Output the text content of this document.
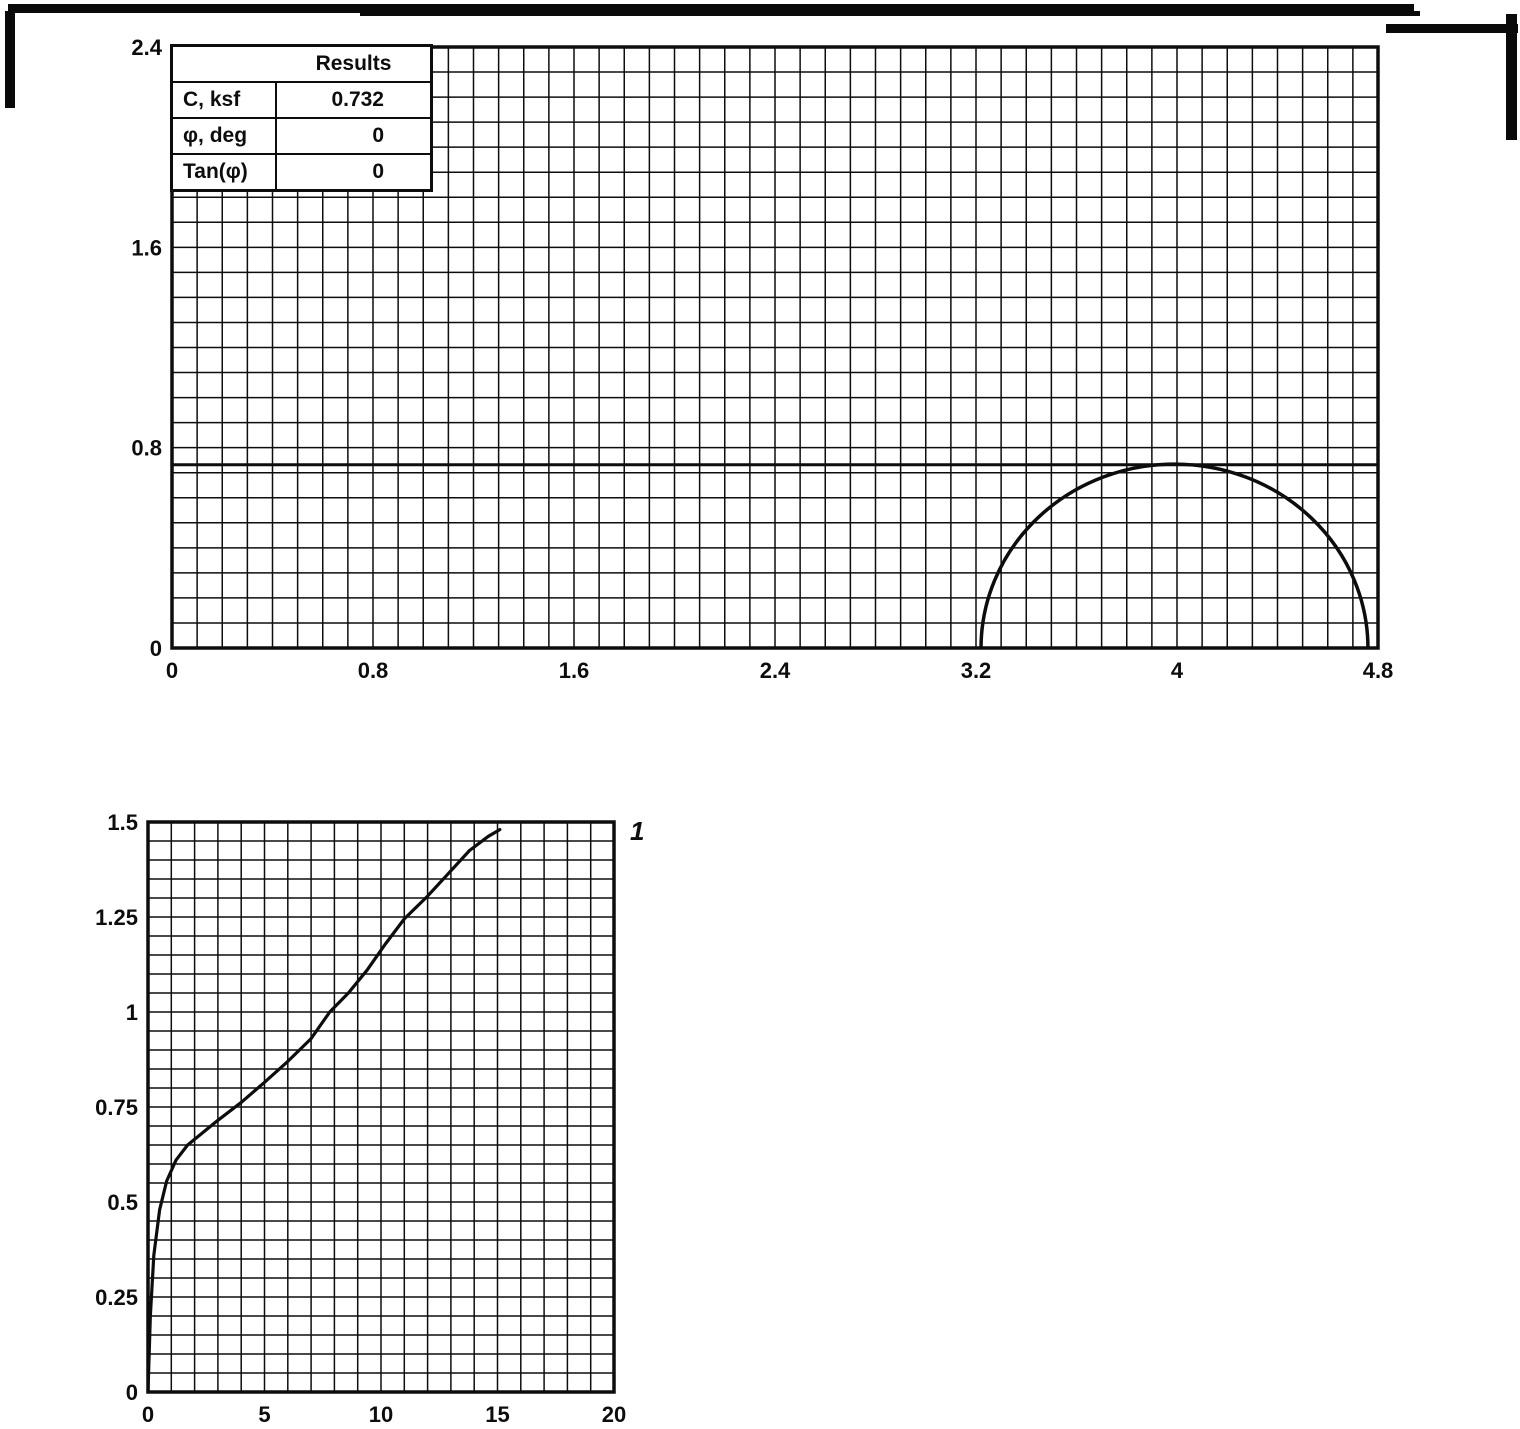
0
0.8
1.6
2.4
0	0.8	1.6	2.4	3.2	4	4.8
Results
C, ksf	0.732
φ, deg	0
Tan(φ)	0
0
0.25
0.5
0.75
1
1.25
1.5
0	5	10	15	20
1
